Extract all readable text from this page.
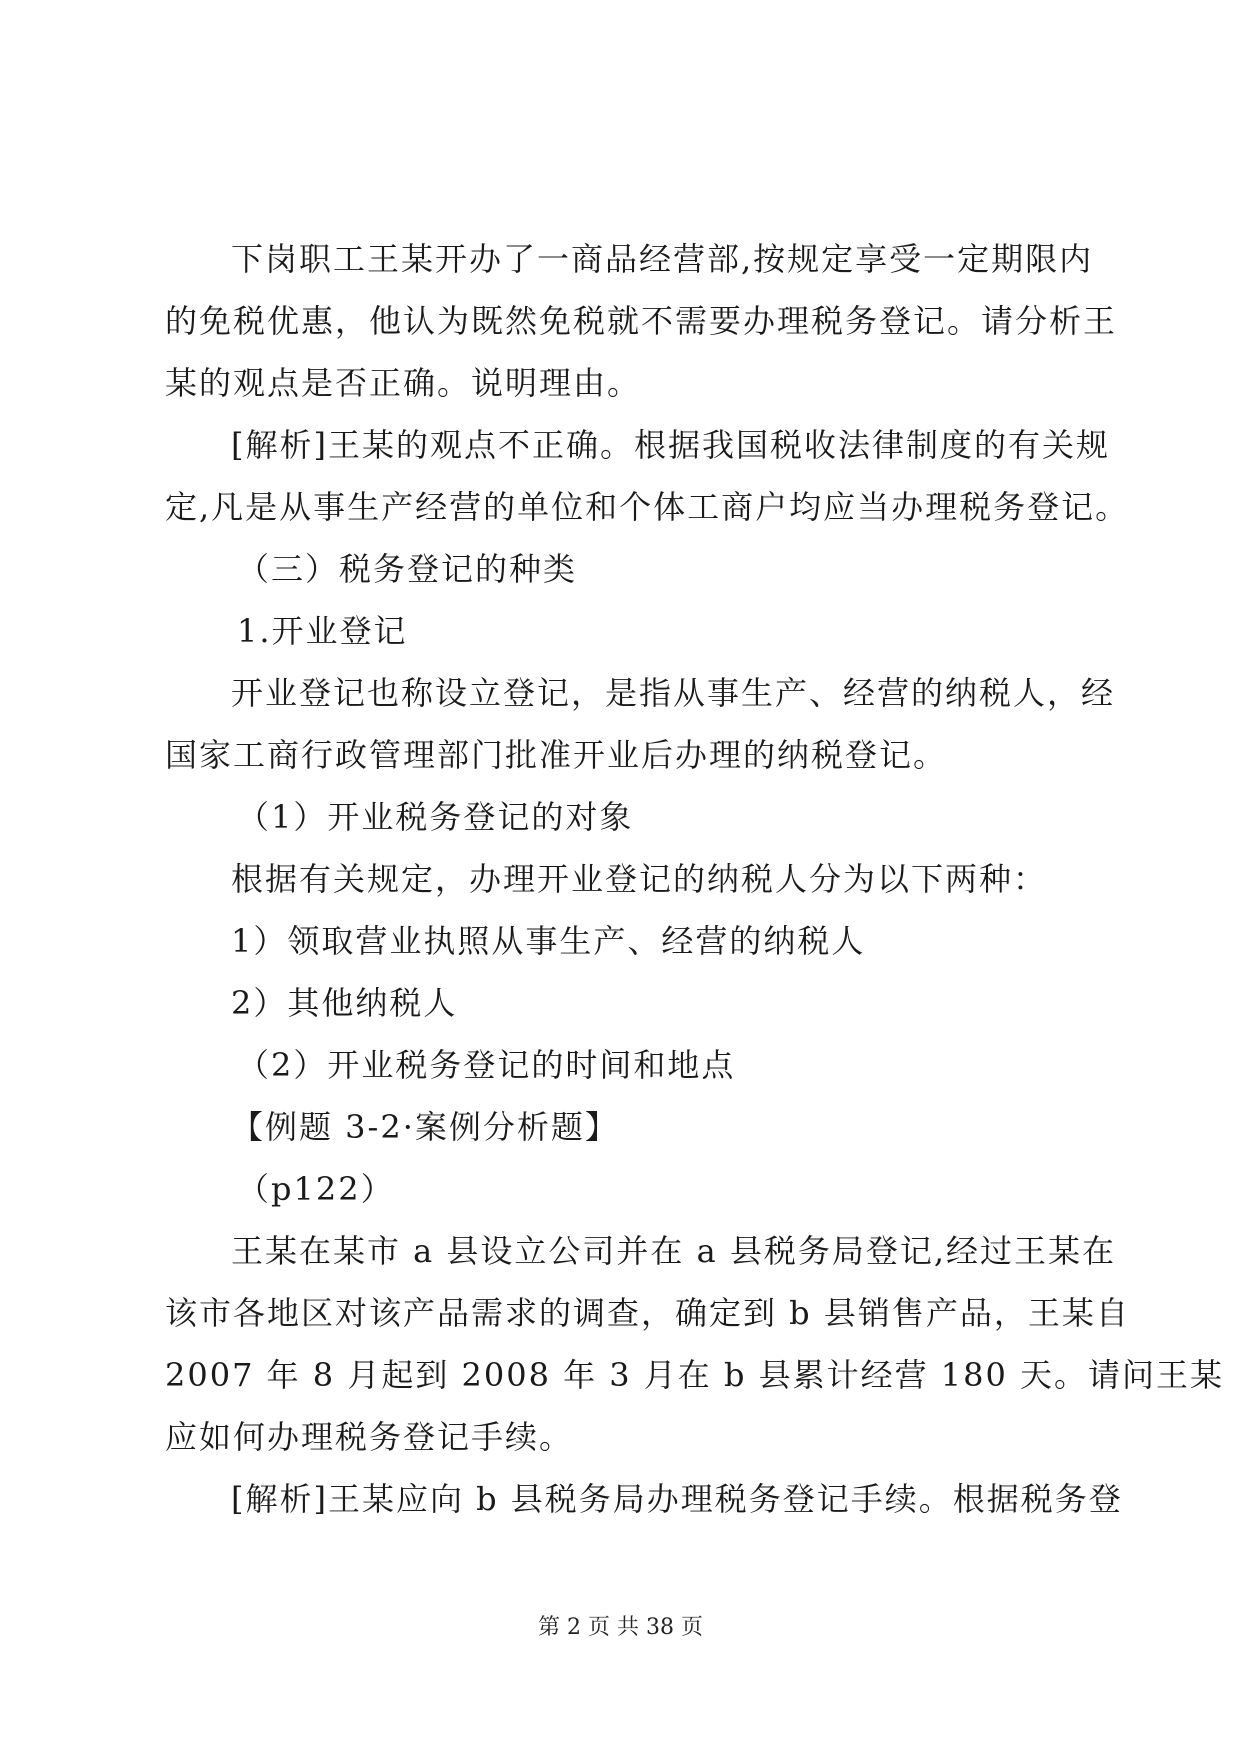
下岗职工王某开办了一商品经营部,按规定享受一定期限内
的免税优惠，他认为既然免税就不需要办理税务登记。请分析王
某的观点是否正确。说明理由。
[解析]王某的观点不正确。根据我国税收法律制度的有关规
定,凡是从事生产经营的单位和个体工商户均应当办理税务登记。
（三）税务登记的种类
1.开业登记
开业登记也称设立登记，是指从事生产、经营的纳税人，经
国家工商行政管理部门批准开业后办理的纳税登记。
（1）开业税务登记的对象
根据有关规定，办理开业登记的纳税人分为以下两种：
1）领取营业执照从事生产、经营的纳税人
2）其他纳税人
（2）开业税务登记的时间和地点
【例题 3-2·案例分析题】
（p122）
王某在某市 a 县设立公司并在 a 县税务局登记,经过王某在
该市各地区对该产品需求的调查，确定到 b 县销售产品，王某自
2007 年 8 月起到 2008 年 3 月在 b 县累计经营 180 天。请问王某
应如何办理税务登记手续。
[解析]王某应向 b 县税务局办理税务登记手续。根据税务登
第 2 页 共 38 页
